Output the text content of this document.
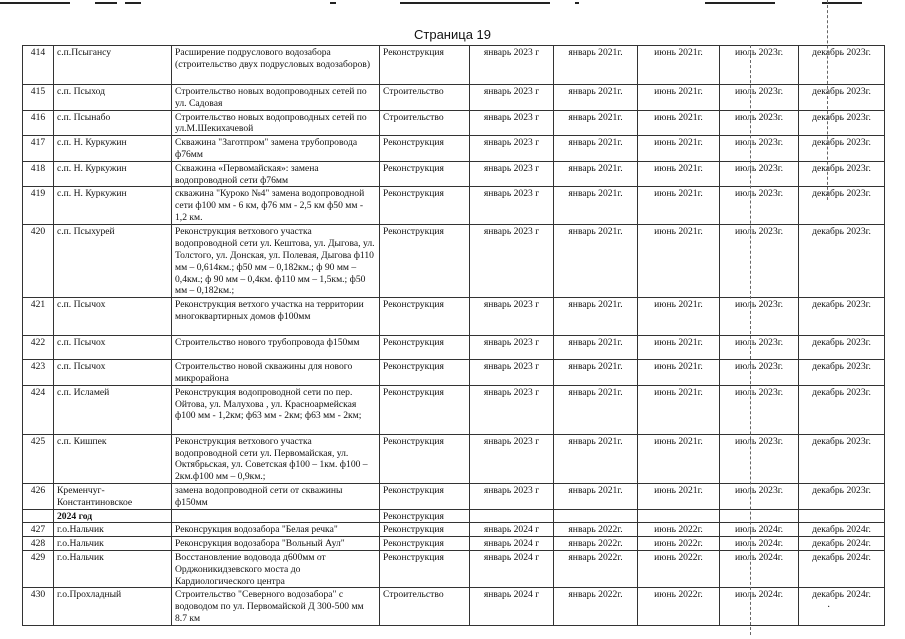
Страница 19
414	с.п.Псыгансу	Расширение подруслового водозабора (строительство двух подрусловых водозаборов)	Реконструкция	январь 2023 г	январь 2021г.	июнь 2021г.	июль 2023г.	декабрь 2023г.
415	с.п. Псыход	Строительство новых водопроводных сетей по ул. Садовая	Строительство	январь 2023 г	январь 2021г.	июнь 2021г.	июль 2023г.	декабрь 2023г.
416	с.п. Псынабо	Строительство новых водопроводных сетей по ул.М.Шекихачевой	Строительство	январь 2023 г	январь 2021г.	июнь 2021г.	июль 2023г.	декабрь 2023г.
417	с.п. Н. Куркужин	Скважина "Заготпром" замена трубопровода ф76мм	Реконструкция	январь 2023 г	январь 2021г.	июнь 2021г.	июль 2023г.	декабрь 2023г.
418	с.п. Н. Куркужин	Скважина «Первомайская»: замена водопроводной сети ф76мм	Реконструкция	январь 2023 г	январь 2021г.	июнь 2021г.	июль 2023г.	декабрь 2023г.
419	с.п. Н. Куркужин	скважина "Куроко №4" замена водопроводной сети ф100 мм - 6 км, ф76 мм - 2,5 км ф50 мм - 1,2 км.	Реконструкция	январь 2023 г	январь 2021г.	июнь 2021г.	июль 2023г.	декабрь 2023г.
420	с.п. Псыхурей	Реконструкция ветхового участка водопроводной сети ул. Кештова, ул. Дыгова, ул. Толстого, ул. Донская, ул. Полевая, Дыгова ф110 мм – 0,614км.; ф50 мм – 0,182км.; ф 90 мм – 0,4км.; ф 90 мм – 0,4км. ф110 мм – 1,5км.; ф50 мм – 0,182км.;	Реконструкция	январь 2023 г	январь 2021г.	июнь 2021г.	июль 2023г.	декабрь 2023г.
421	с.п. Псычох	Реконструкция ветхого участка на территории многоквартирных домов ф100мм	Реконструкция	январь 2023 г	январь 2021г.	июнь 2021г.	июль 2023г.	декабрь 2023г.
422	с.п. Псычох	Строительство нового трубопровода ф150мм	Реконструкция	январь 2023 г	январь 2021г.	июнь 2021г.	июль 2023г.	декабрь 2023г.
423	с.п. Псычох	Строительство новой скважины для нового микрорайона	Реконструкция	январь 2023 г	январь 2021г.	июнь 2021г.	июль 2023г.	декабрь 2023г.
424	с.п. Исламей	Реконструкция водопроводной сети по пер. Ойтова, ул. Малухова , ул. Красноармейская ф100 мм - 1,2км; ф63 мм - 2км; ф63 мм - 2км;	Реконструкция	январь 2023 г	январь 2021г.	июнь 2021г.	июль 2023г.	декабрь 2023г.
425	с.п. Кишпек	Реконструкция ветхового участка водопроводной сети ул. Первомайская, ул. Октябрьская, ул. Советская ф100 – 1км. ф100 – 2км.ф100 мм – 0,9км.;	Реконструкция	январь 2023 г	январь 2021г.	июнь 2021г.	июль 2023г.	декабрь 2023г.
426	Кременчуг-Константиновское	замена водопроводной сети от скважины ф150мм	Реконструкция	январь 2023 г	январь 2021г.	июнь 2021г.	июль 2023г.	декабрь 2023г.
	2024 год		Реконструкция					
427	г.о.Нальчик	Реконсрукция водозабора "Белая речка"	Реконструкция	январь 2024 г	январь 2022г.	июнь 2022г.	июль 2024г.	декабрь 2024г.
428	г.о.Нальчик	Реконсрукция водозабора "Вольный Аул"	Реконструкция	январь 2024 г	январь 2022г.	июнь 2022г.	июль 2024г.	декабрь 2024г.
429	г.о.Нальчик	Восстановление водовода д600мм от Орджоникидзевского моста до Кардиологического центра	Реконструкция	январь 2024 г	январь 2022г.	июнь 2022г.	июль 2024г.	декабрь 2024г.
430	г.о.Прохладный	Строительство "Северного водозабора" с водоводом по ул. Первомайской Д 300-500 мм 8.7 км	Строительство	январь 2024 г	январь 2022г.	июнь 2022г.	июль 2024г.	декабрь 2024г.
·
